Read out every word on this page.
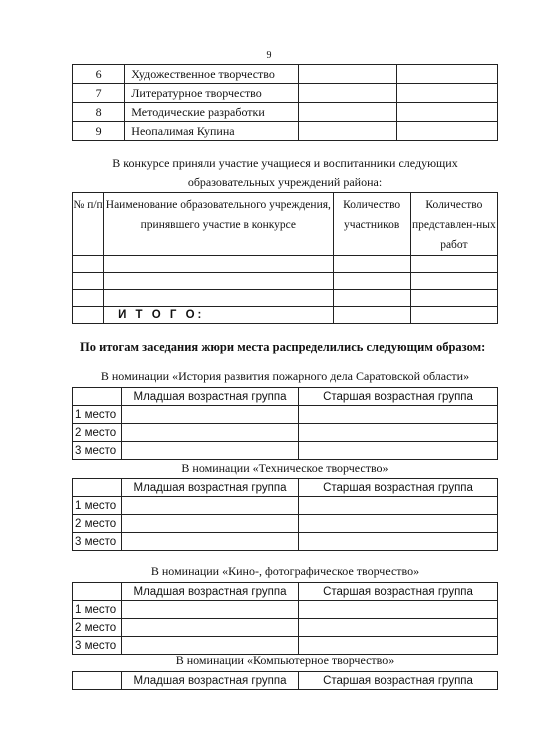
9
6	Художественное творчество		
7	Литературное творчество		
8	Методические разработки		
9	Неопалимая Купина		
В конкурсе приняли участие учащиеся и воспитанники следующих образовательных учреждений района:
№ п/п	Наименование образовательного учреждения, принявшего участие в конкурсе	Количество участников	Количество представлен-ных работ

	И Т О Г О:		
По итогам заседания жюри места распределились следующим образом:
В номинации «История развития пожарного дела Саратовской области»
	Младшая возрастная группа	Старшая возрастная группа
1 место		
2 место		
3 место		
В номинации «Техническое творчество»
	Младшая возрастная группа	Старшая возрастная группа
1 место		
2 место		
3 место		
В номинации «Кино-, фотографическое творчество»
	Младшая возрастная группа	Старшая возрастная группа
1 место		
2 место		
3 место		
В номинации «Компьютерное творчество»
	Младшая возрастная группа	Старшая возрастная группа
